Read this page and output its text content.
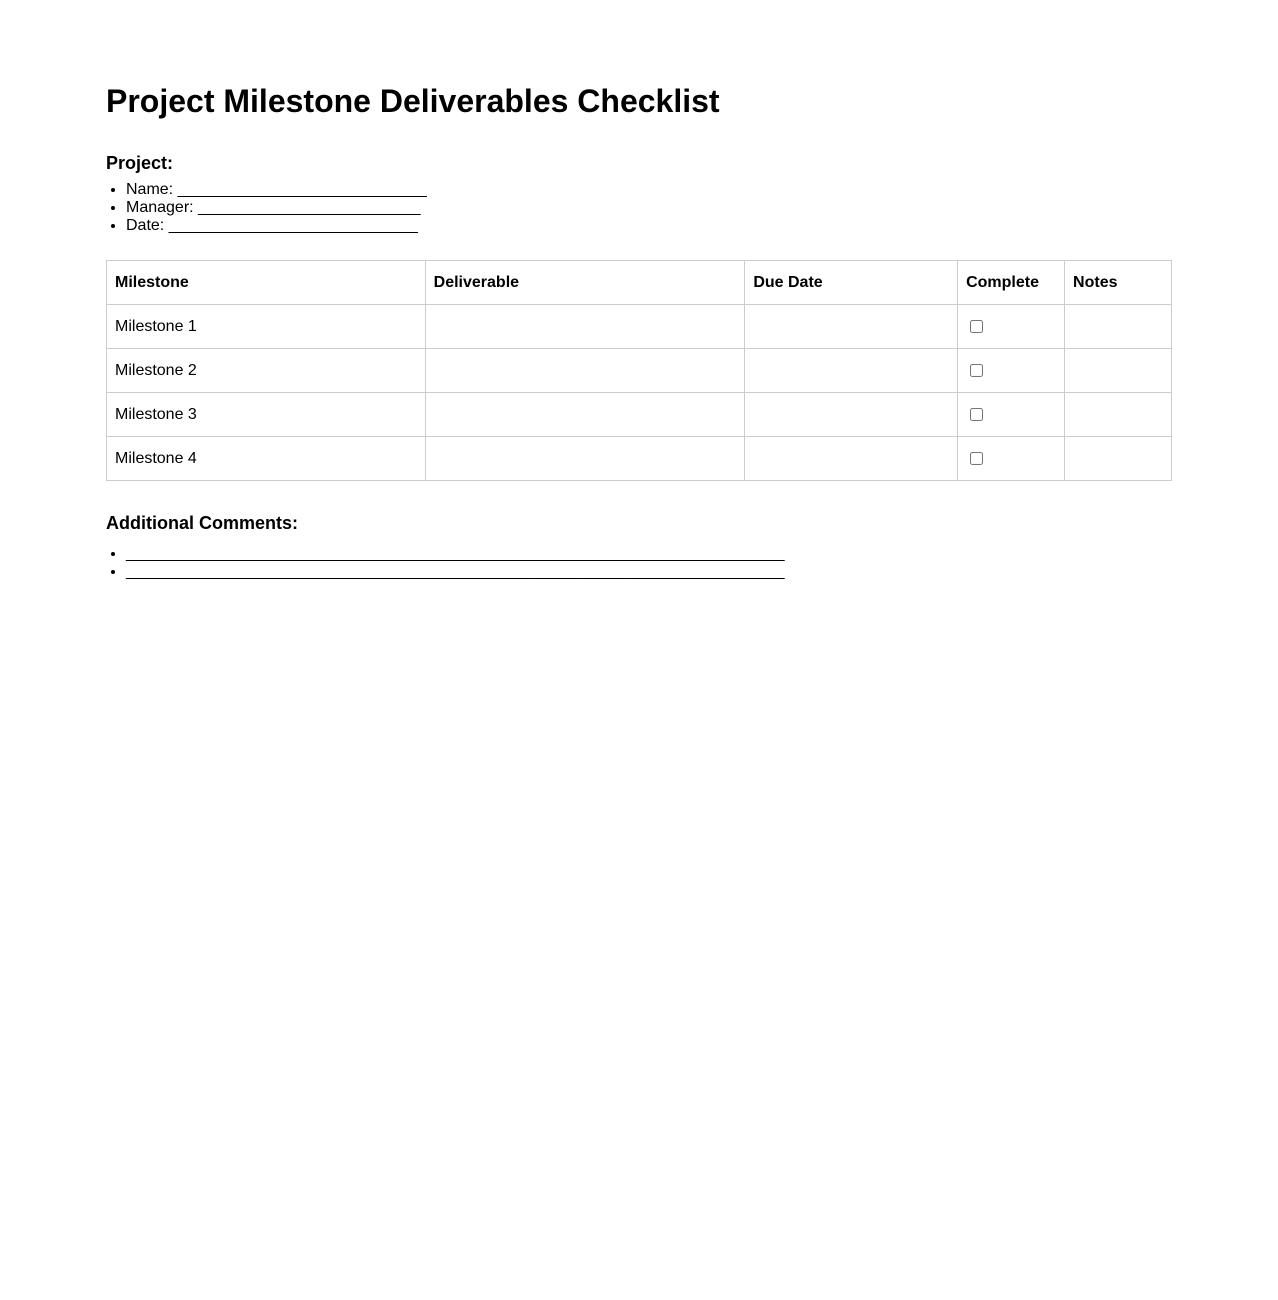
Project Milestone Deliverables Checklist
Project:
• Name: ____________________________
• Manager: _________________________
• Date: ____________________________
Milestone	Deliverable	Due Date	Complete	Notes
Milestone 1				
Milestone 2				
Milestone 3				
Milestone 4				
Additional Comments:
• __________________________________________________________________________
• __________________________________________________________________________
